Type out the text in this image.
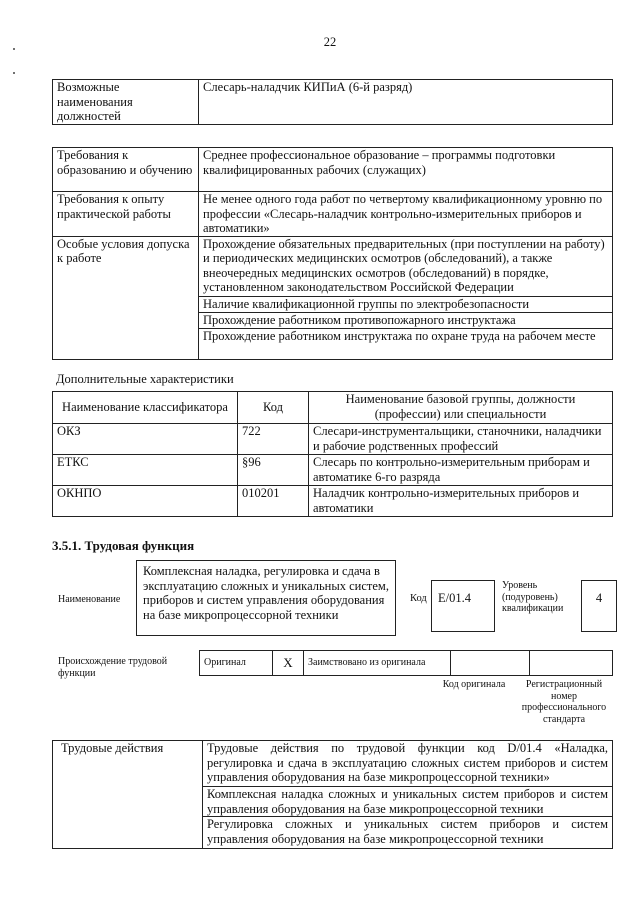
22
Возможные наименования должностей	Слесарь-наладчик КИПиА (6-й разряд)
Требования к образованию и обучению	Среднее профессиональное образование – программы подготовки квалифицированных рабочих (служащих)
Требования к опыту практической работы	Не менее одного года работ по четвертому квалификационному уровню по профессии «Слесарь-наладчик контрольно-измерительных приборов и автоматики»
Особые условия допуска к работе	Прохождение обязательных предварительных (при поступлении на работу) и периодических медицинских осмотров (обследований), а также внеочередных медицинских осмотров (обследований) в порядке, установленном законодательством Российской Федерации
	Наличие квалификационной группы по электробезопасности
	Прохождение работником противопожарного инструктажа
	Прохождение работником инструктажа по охране труда на рабочем месте
Дополнительные характеристики
Наименование классификатора	Код	Наименование базовой группы, должности (профессии) или специальности
ОКЗ	722	Слесари-инструментальщики, станочники, наладчики и рабочие родственных профессий
ЕТКС	§96	Слесарь по контрольно-измерительным приборам и автоматике 6-го разряда
ОКНПО	010201	Наладчик контрольно-измерительных приборов и автоматики
3.5.1. Трудовая функция
Наименование
Комплексная наладка, регулировка и сдача в эксплуатацию сложных и уникальных систем, приборов и систем управления оборудования на базе микропроцессорной техники
Код E/01.4
Уровень (подуровень) квалификации
4
Происхождение трудовой функции
Оригинал	X	Заимствовано из оригинала		
Код оригинала	Регистрационный номер профессионального стандарта
Трудовые действия	Трудовые действия по трудовой функции код D/01.4 «Наладка, регулировка и сдача в эксплуатацию сложных систем приборов и систем управления оборудования на базе микропроцессорной техники»
Комплексная наладка сложных и уникальных систем приборов и систем управления оборудования на базе микропроцессорной техники
Регулировка сложных и уникальных систем приборов и систем управления оборудования на базе микропроцессорной техники
